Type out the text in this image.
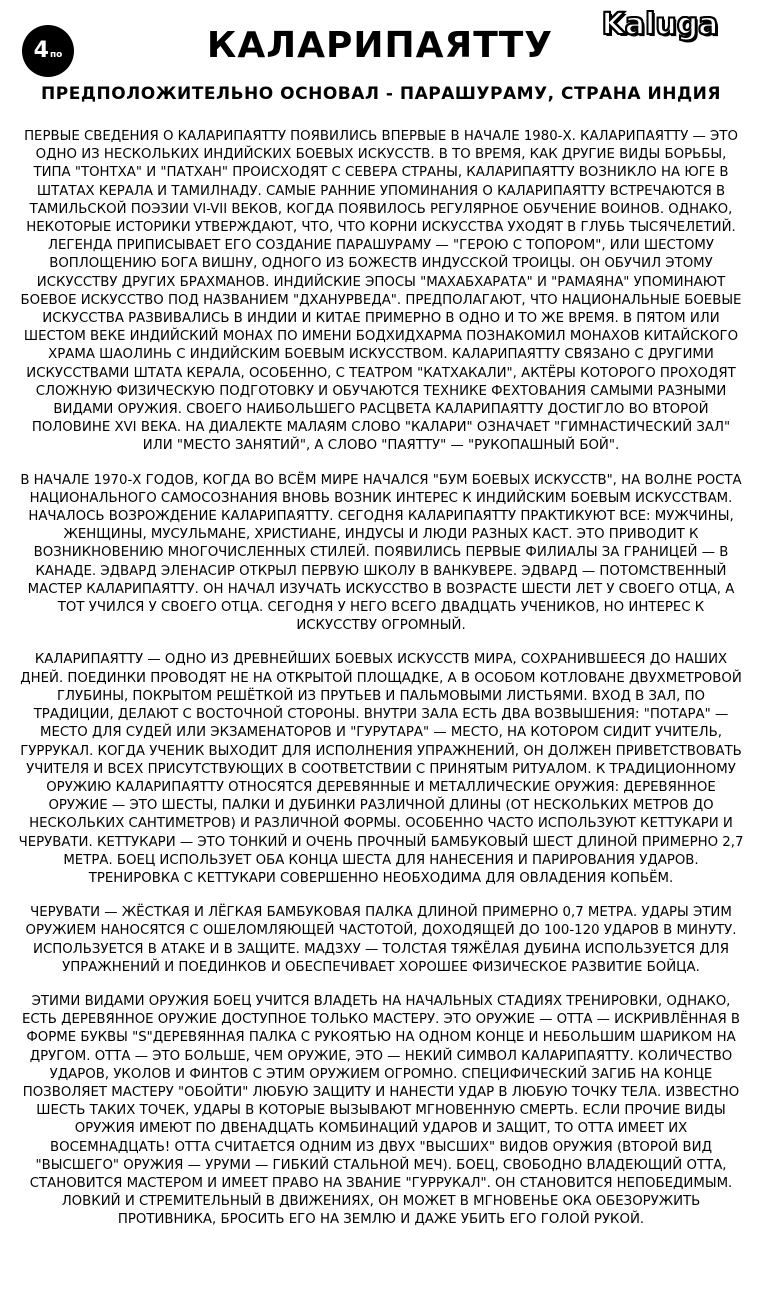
4 по	КАЛАРИПАЯТТУ
Kaluga
ПРЕДПОЛОЖИТЕЛЬНО ОСНОВАЛ - ПАРАШУРАМУ, СТРАНА ИНДИЯ

ПЕРВЫЕ СВЕДЕНИЯ О КАЛАРИПАЯТТУ ПОЯВИЛИСЬ ВПЕРВЫЕ В НАЧАЛЕ 1980-Х. КАЛАРИПАЯТТУ — ЭТО ОДНО ИЗ НЕСКОЛЬКИХ ИНДИЙСКИХ БОЕВЫХ ИСКУССТВ. В ТО ВРЕМЯ, КАК ДРУГИЕ ВИДЫ БОРЬБЫ, ТИПА "ТОНТХА" И "ПАТХАН" ПРОИСХОДЯТ С СЕВЕРА СТРАНЫ, КАЛАРИПАЯТТУ ВОЗНИКЛО НА ЮГЕ В ШТАТАХ КЕРАЛА И ТАМИЛНАДУ. САМЫЕ РАННИЕ УПОМИНАНИЯ О КАЛАРИПАЯТТУ ВСТРЕЧАЮТСЯ В ТАМИЛЬСКОЙ ПОЭЗИИ VI-VII ВЕКОВ, КОГДА ПОЯВИЛОСЬ РЕГУЛЯРНОЕ ОБУЧЕНИЕ ВОИНОВ. ОДНАКО, НЕКОТОРЫЕ ИСТОРИКИ УТВЕРЖДАЮТ, ЧТО, ЧТО КОРНИ ИСКУССТВА УХОДЯТ В ГЛУБЬ ТЫСЯЧЕЛЕТИЙ. ЛЕГЕНДА ПРИПИСЫВАЕТ ЕГО СОЗДАНИЕ ПАРАШУРАМУ — "ГЕРОЮ С ТОПОРОМ", ИЛИ ШЕСТОМУ ВОПЛОЩЕНИЮ БОГА ВИШНУ, ОДНОГО ИЗ БОЖЕСТВ ИНДУССКОЙ ТРОИЦЫ. ОН ОБУЧИЛ ЭТОМУ ИСКУССТВУ ДРУГИХ БРАХМАНОВ. ИНДИЙСКИЕ ЭПОСЫ "МАХАБХАРАТА" И "РАМАЯНА" УПОМИНАЮТ БОЕВОЕ ИСКУССТВО ПОД НАЗВАНИЕМ "ДХАНУРВЕДА". ПРЕДПОЛАГАЮТ, ЧТО НАЦИОНАЛЬНЫЕ БОЕВЫЕ ИСКУССТВА РАЗВИВАЛИСЬ В ИНДИИ И КИТАЕ ПРИМЕРНО В ОДНО И ТО ЖЕ ВРЕМЯ. В ПЯТОМ ИЛИ ШЕСТОМ ВЕКЕ ИНДИЙСКИЙ МОНАХ ПО ИМЕНИ БОДХИДХАРМА ПОЗНАКОМИЛ МОНАХОВ КИТАЙСКОГО ХРАМА ШАОЛИНЬ С ИНДИЙСКИМ БОЕВЫМ ИСКУССТВОМ. КАЛАРИПАЯТТУ СВЯЗАНО С ДРУГИМИ ИСКУССТВАМИ ШТАТА КЕРАЛА, ОСОБЕННО, С ТЕАТРОМ "КАТХАКАЛИ", АКТЁРЫ КОТОРОГО ПРОХОДЯТ СЛОЖНУЮ ФИЗИЧЕСКУЮ ПОДГОТОВКУ И ОБУЧАЮТСЯ ТЕХНИКЕ ФЕХТОВАНИЯ САМЫМИ РАЗНЫМИ ВИДАМИ ОРУЖИЯ. СВОЕГО НАИБОЛЬШЕГО РАСЦВЕТА КАЛАРИПАЯТТУ ДОСТИГЛО ВО ВТОРОЙ ПОЛОВИНЕ XVI ВЕКА. НА ДИАЛЕКТЕ МАЛАЯМ СЛОВО "КАЛАРИ" ОЗНАЧАЕТ "ГИМНАСТИЧЕСКИЙ ЗАЛ" ИЛИ "МЕСТО ЗАНЯТИЙ", А СЛОВО "ПАЯТТУ" — "РУКОПАШНЫЙ БОЙ".

В НАЧАЛЕ 1970-Х ГОДОВ, КОГДА ВО ВСЁМ МИРЕ НАЧАЛСЯ "БУМ БОЕВЫХ ИСКУССТВ", НА ВОЛНЕ РОСТА НАЦИОНАЛЬНОГО САМОСОЗНАНИЯ ВНОВЬ ВОЗНИК ИНТЕРЕС К ИНДИЙСКИМ БОЕВЫМ ИСКУССТВАМ. НАЧАЛОСЬ ВОЗРОЖДЕНИЕ КАЛАРИПАЯТТУ. СЕГОДНЯ КАЛАРИПАЯТТУ ПРАКТИКУЮТ ВСЕ: МУЖЧИНЫ, ЖЕНЩИНЫ, МУСУЛЬМАНЕ, ХРИСТИАНЕ, ИНДУСЫ И ЛЮДИ РАЗНЫХ КАСТ. ЭТО ПРИВОДИТ К ВОЗНИКНОВЕНИЮ МНОГОЧИСЛЕННЫХ СТИЛЕЙ. ПОЯВИЛИСЬ ПЕРВЫЕ ФИЛИАЛЫ ЗА ГРАНИЦЕЙ — В КАНАДЕ. ЭДВАРД ЭЛЕНАСИР ОТКРЫЛ ПЕРВУЮ ШКОЛУ В ВАНКУВЕРЕ. ЭДВАРД — ПОТОМСТВЕННЫЙ МАСТЕР КАЛАРИПАЯТТУ. ОН НАЧАЛ ИЗУЧАТЬ ИСКУССТВО В ВОЗРАСТЕ ШЕСТИ ЛЕТ У СВОЕГО ОТЦА, А ТОТ УЧИЛСЯ У СВОЕГО ОТЦА. СЕГОДНЯ У НЕГО ВСЕГО ДВАДЦАТЬ УЧЕНИКОВ, НО ИНТЕРЕС К ИСКУССТВУ ОГРОМНЫЙ.

КАЛАРИПАЯТТУ — ОДНО ИЗ ДРЕВНЕЙШИХ БОЕВЫХ ИСКУССТВ МИРА, СОХРАНИВШЕЕСЯ ДО НАШИХ ДНЕЙ. ПОЕДИНКИ ПРОВОДЯТ НЕ НА ОТКРЫТОЙ ПЛОЩАДКЕ, А В ОСОБОМ КОТЛОВАНЕ ДВУХМЕТРОВОЙ ГЛУБИНЫ, ПОКРЫТОМ РЕШЁТКОЙ ИЗ ПРУТЬЕВ И ПАЛЬМОВЫМИ ЛИСТЬЯМИ. ВХОД В ЗАЛ, ПО ТРАДИЦИИ, ДЕЛАЮТ С ВОСТОЧНОЙ СТОРОНЫ. ВНУТРИ ЗАЛА ЕСТЬ ДВА ВОЗВЫШЕНИЯ: "ПОТАРА" — МЕСТО ДЛЯ СУДЕЙ ИЛИ ЭКЗАМЕНАТОРОВ И "ГУРУТАРА" — МЕСТО, НА КОТОРОМ СИДИТ УЧИТЕЛЬ, ГУРРУКАЛ. КОГДА УЧЕНИК ВЫХОДИТ ДЛЯ ИСПОЛНЕНИЯ УПРАЖНЕНИЙ, ОН ДОЛЖЕН ПРИВЕТСТВОВАТЬ УЧИТЕЛЯ И ВСЕХ ПРИСУТСТВУЮЩИХ В СООТВЕТСТВИИ С ПРИНЯТЫМ РИТУАЛОМ. К ТРАДИЦИОННОМУ ОРУЖИЮ КАЛАРИПАЯТТУ ОТНОСЯТСЯ ДЕРЕВЯННЫЕ И МЕТАЛЛИЧЕСКИЕ ОРУЖИЯ: ДЕРЕВЯННОЕ ОРУЖИЕ — ЭТО ШЕСТЫ, ПАЛКИ И ДУБИНКИ РАЗЛИЧНОЙ ДЛИНЫ (ОТ НЕСКОЛЬКИХ МЕТРОВ ДО НЕСКОЛЬКИХ САНТИМЕТРОВ) И РАЗЛИЧНОЙ ФОРМЫ. ОСОБЕННО ЧАСТО ИСПОЛЬЗУЮТ КЕТТУКАРИ И ЧЕРУВАТИ. КЕТТУКАРИ — ЭТО ТОНКИЙ И ОЧЕНЬ ПРОЧНЫЙ БАМБУКОВЫЙ ШЕСТ ДЛИНОЙ ПРИМЕРНО 2,7 МЕТРА. БОЕЦ ИСПОЛЬЗУЕТ ОБА КОНЦА ШЕСТА ДЛЯ НАНЕСЕНИЯ И ПАРИРОВАНИЯ УДАРОВ. ТРЕНИРОВКА С КЕТТУКАРИ СОВЕРШЕННО НЕОБХОДИМА ДЛЯ ОВЛАДЕНИЯ КОПЬЁМ.

ЧЕРУВАТИ — ЖЁСТКАЯ И ЛЁГКАЯ БАМБУКОВАЯ ПАЛКА ДЛИНОЙ ПРИМЕРНО 0,7 МЕТРА. УДАРЫ ЭТИМ ОРУЖИЕМ НАНОСЯТСЯ С ОШЕЛОМЛЯЮЩЕЙ ЧАСТОТОЙ, ДОХОДЯЩЕЙ ДО 100-120 УДАРОВ В МИНУТУ. ИСПОЛЬЗУЕТСЯ В АТАКЕ И В ЗАЩИТЕ. МАДЗХУ — ТОЛСТАЯ ТЯЖЁЛАЯ ДУБИНА ИСПОЛЬЗУЕТСЯ ДЛЯ УПРАЖНЕНИЙ И ПОЕДИНКОВ И ОБЕСПЕЧИВАЕТ ХОРОШЕЕ ФИЗИЧЕСКОЕ РАЗВИТИЕ БОЙЦА.

ЭТИМИ ВИДАМИ ОРУЖИЯ БОЕЦ УЧИТСЯ ВЛАДЕТЬ НА НАЧАЛЬНЫХ СТАДИЯХ ТРЕНИРОВКИ, ОДНАКО, ЕСТЬ ДЕРЕВЯННОЕ ОРУЖИЕ ДОСТУПНОЕ ТОЛЬКО МАСТЕРУ. ЭТО ОРУЖИЕ — ОТТА — ИСКРИВЛЁННАЯ В ФОРМЕ БУКВЫ "S"ДЕРЕВЯННАЯ ПАЛКА С РУКОЯТЬЮ НА ОДНОМ КОНЦЕ И НЕБОЛЬШИМ ШАРИКОМ НА ДРУГОМ. ОТТА — ЭТО БОЛЬШЕ, ЧЕМ ОРУЖИЕ, ЭТО — НЕКИЙ СИМВОЛ КАЛАРИПАЯТТУ. КОЛИЧЕСТВО УДАРОВ, УКОЛОВ И ФИНТОВ С ЭТИМ ОРУЖИЕМ ОГРОМНО. СПЕЦИФИЧЕСКИЙ ЗАГИБ НА КОНЦЕ ПОЗВОЛЯЕТ МАСТЕРУ "ОБОЙТИ" ЛЮБУЮ ЗАЩИТУ И НАНЕСТИ УДАР В ЛЮБУЮ ТОЧКУ ТЕЛА. ИЗВЕСТНО ШЕСТЬ ТАКИХ ТОЧЕК, УДАРЫ В КОТОРЫЕ ВЫЗЫВАЮТ МГНОВЕННУЮ СМЕРТЬ. ЕСЛИ ПРОЧИЕ ВИДЫ ОРУЖИЯ ИМЕЮТ ПО ДВЕНАДЦАТЬ КОМБИНАЦИЙ УДАРОВ И ЗАЩИТ, ТО ОТТА ИМЕЕТ ИХ ВОСЕМНАДЦАТЬ! ОТТА СЧИТАЕТСЯ ОДНИМ ИЗ ДВУХ "ВЫСШИХ" ВИДОВ ОРУЖИЯ (ВТОРОЙ ВИД "ВЫСШЕГО" ОРУЖИЯ — УРУМИ — ГИБКИЙ СТАЛЬНОЙ МЕЧ). БОЕЦ, СВОБОДНО ВЛАДЕЮЩИЙ ОТТА, СТАНОВИТСЯ МАСТЕРОМ И ИМЕЕТ ПРАВО НА ЗВАНИЕ "ГУРРУКАЛ". ОН СТАНОВИТСЯ НЕПОБЕДИМЫМ. ЛОВКИЙ И СТРЕМИТЕЛЬНЫЙ В ДВИЖЕНИЯХ, ОН МОЖЕТ В МГНОВЕНЬЕ ОКА ОБЕЗОРУЖИТЬ ПРОТИВНИКА, БРОСИТЬ ЕГО НА ЗЕМЛЮ И ДАЖЕ УБИТЬ ЕГО ГОЛОЙ РУКОЙ.
